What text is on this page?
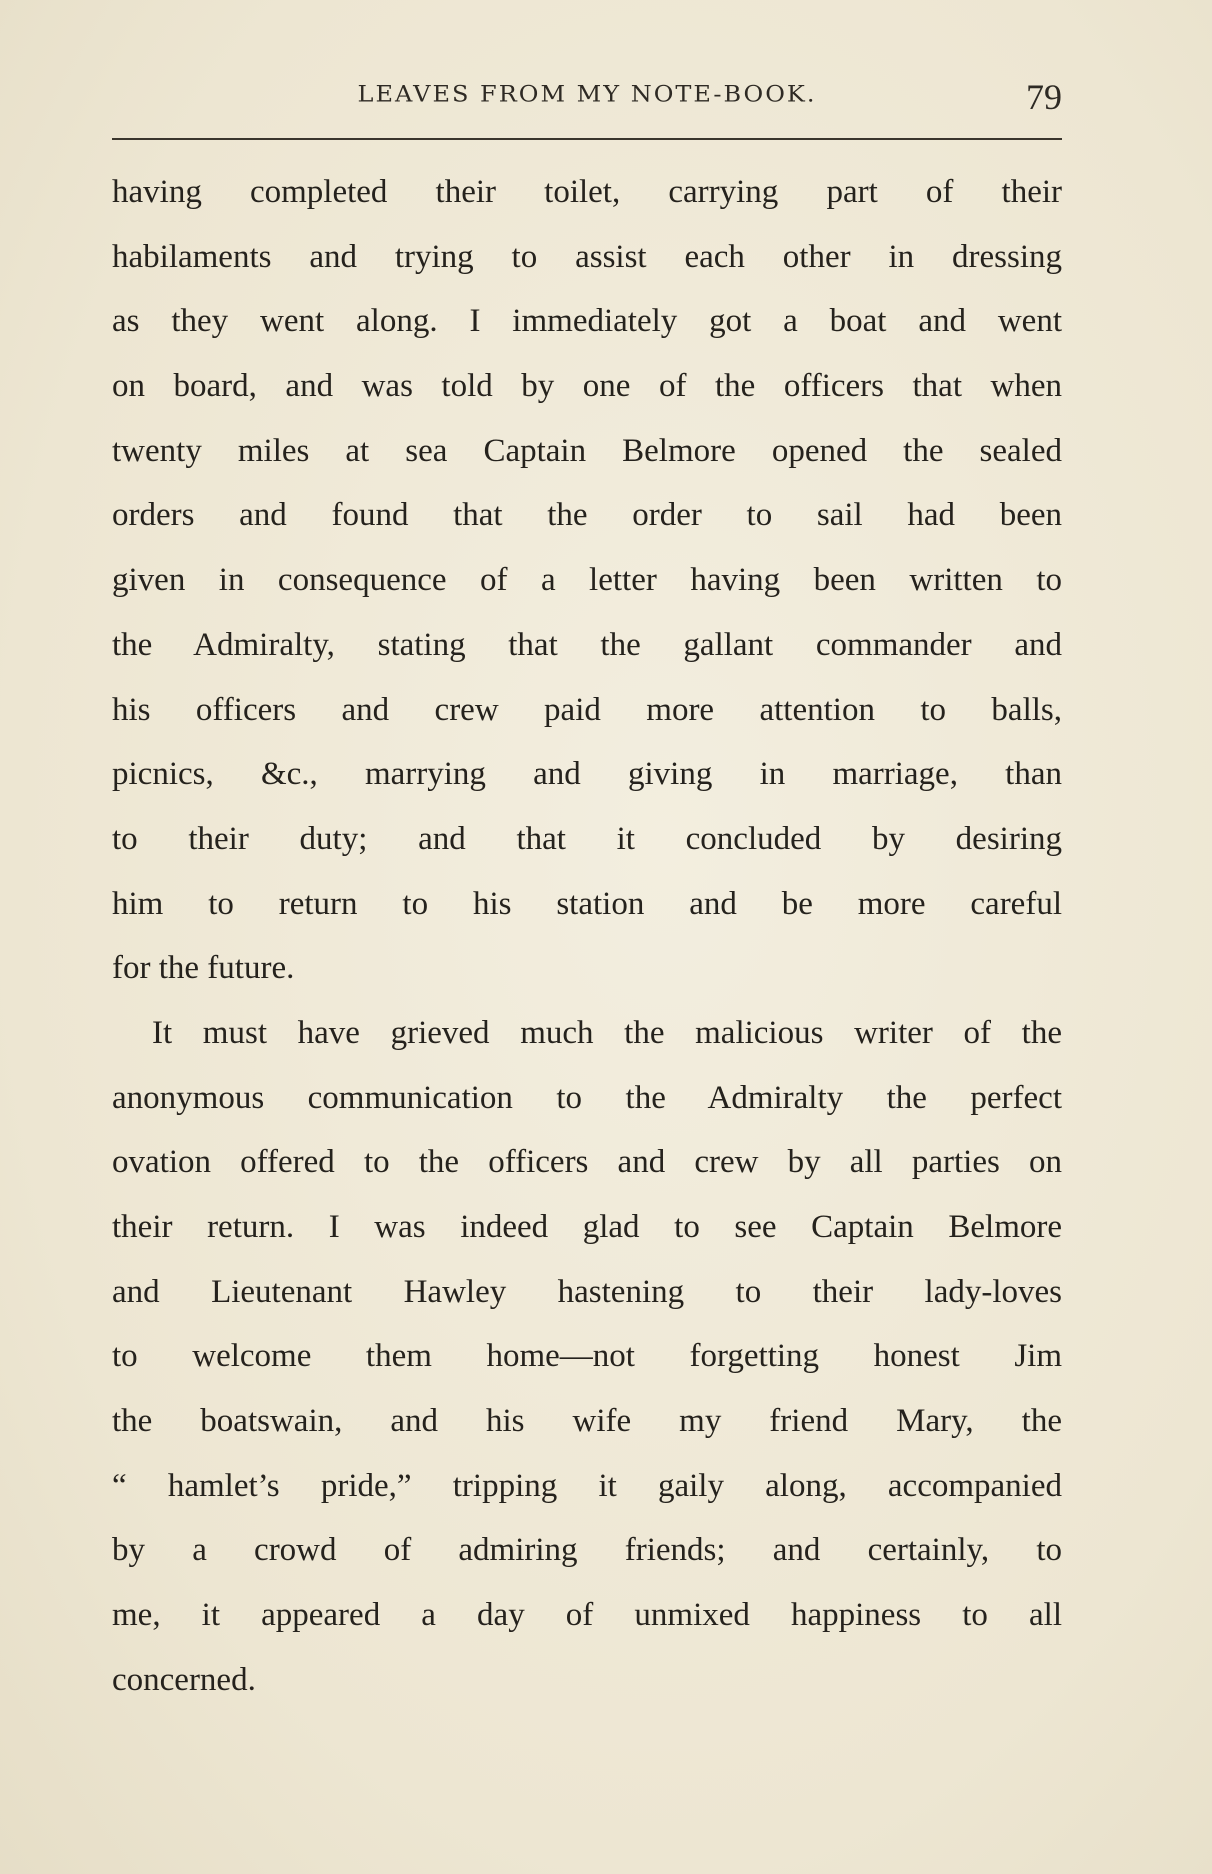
LEAVES FROM MY NOTE-BOOK.	79
having completed their toilet, carrying part of their
habilaments and trying to assist each other in dressing
as they went along. I immediately got a boat and went
on board, and was told by one of the officers that when
twenty miles at sea Captain Belmore opened the sealed
orders and found that the order to sail had been
given in consequence of a letter having been written to
the Admiralty, stating that the gallant commander and
his officers and crew paid more attention to balls,
picnics, &c., marrying and giving in marriage, than
to their duty; and that it concluded by desiring
him to return to his station and be more careful
for the future.
It must have grieved much the malicious writer of the
anonymous communication to the Admiralty the perfect
ovation offered to the officers and crew by all parties on
their return. I was indeed glad to see Captain Belmore
and Lieutenant Hawley hastening to their lady-loves
to welcome them home—not forgetting honest Jim
the boatswain, and his wife my friend Mary, the
“ hamlet’s pride,” tripping it gaily along, accompanied
by a crowd of admiring friends; and certainly, to
me, it appeared a day of unmixed happiness to all
concerned.
